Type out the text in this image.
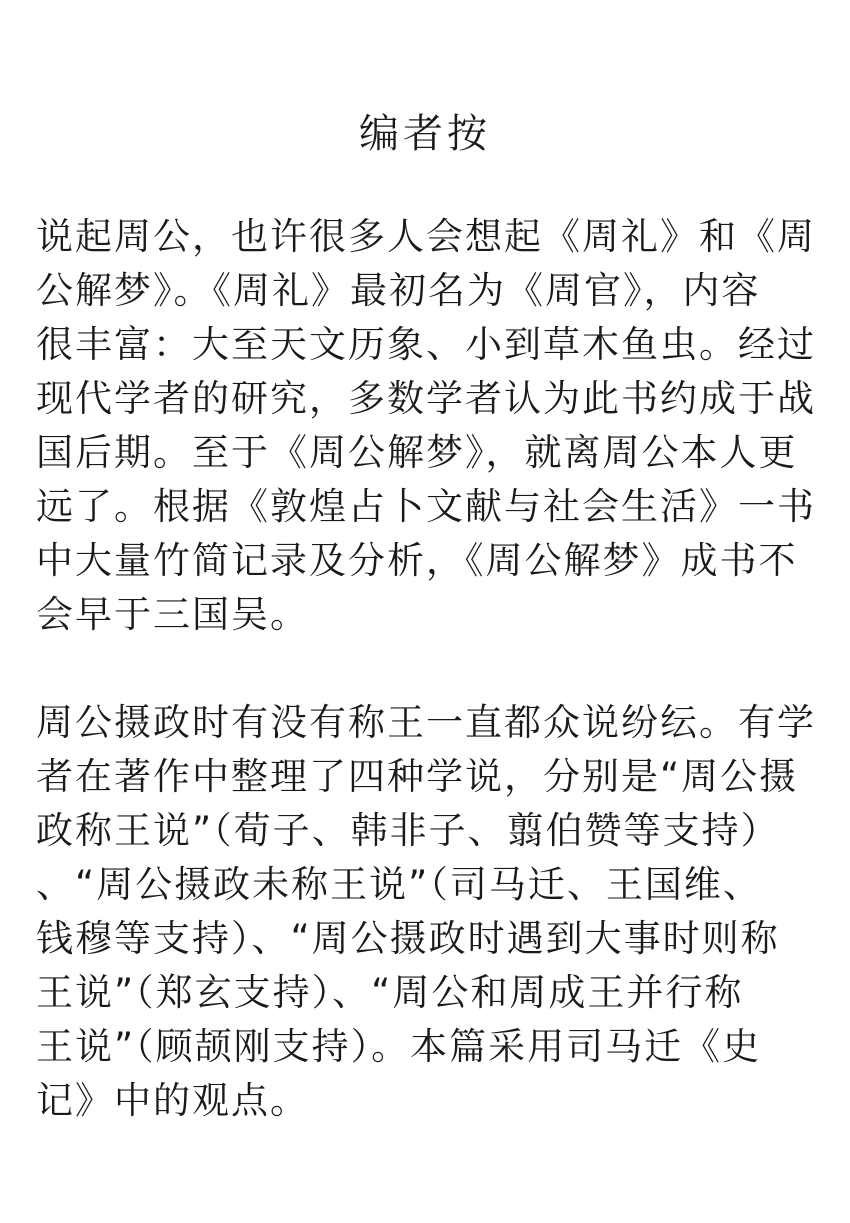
编者按
说起周公，也许很多人会想起《周礼》和《周
公解梦》。《周礼》最初名为《周官》，内容
很丰富：大至天文历象、小到草木鱼虫。经过
现代学者的研究，多数学者认为此书约成于战
国后期。至于《周公解梦》，就离周公本人更
远了。根据《敦煌占卜文献与社会生活》一书
中大量竹简记录及分析，《周公解梦》成书不
会早于三国吴。
周公摄政时有没有称王一直都众说纷纭。有学
者在著作中整理了四种学说，分别是“周公摄
政称王说”（荀子、韩非子、翦伯赞等支持）
、“周公摄政未称王说”（司马迁、王国维、
钱穆等支持）、“周公摄政时遇到大事时则称
王说”（郑玄支持）、“周公和周成王并行称
王说”（顾颉刚支持）。本篇采用司马迁《史
记》中的观点。
